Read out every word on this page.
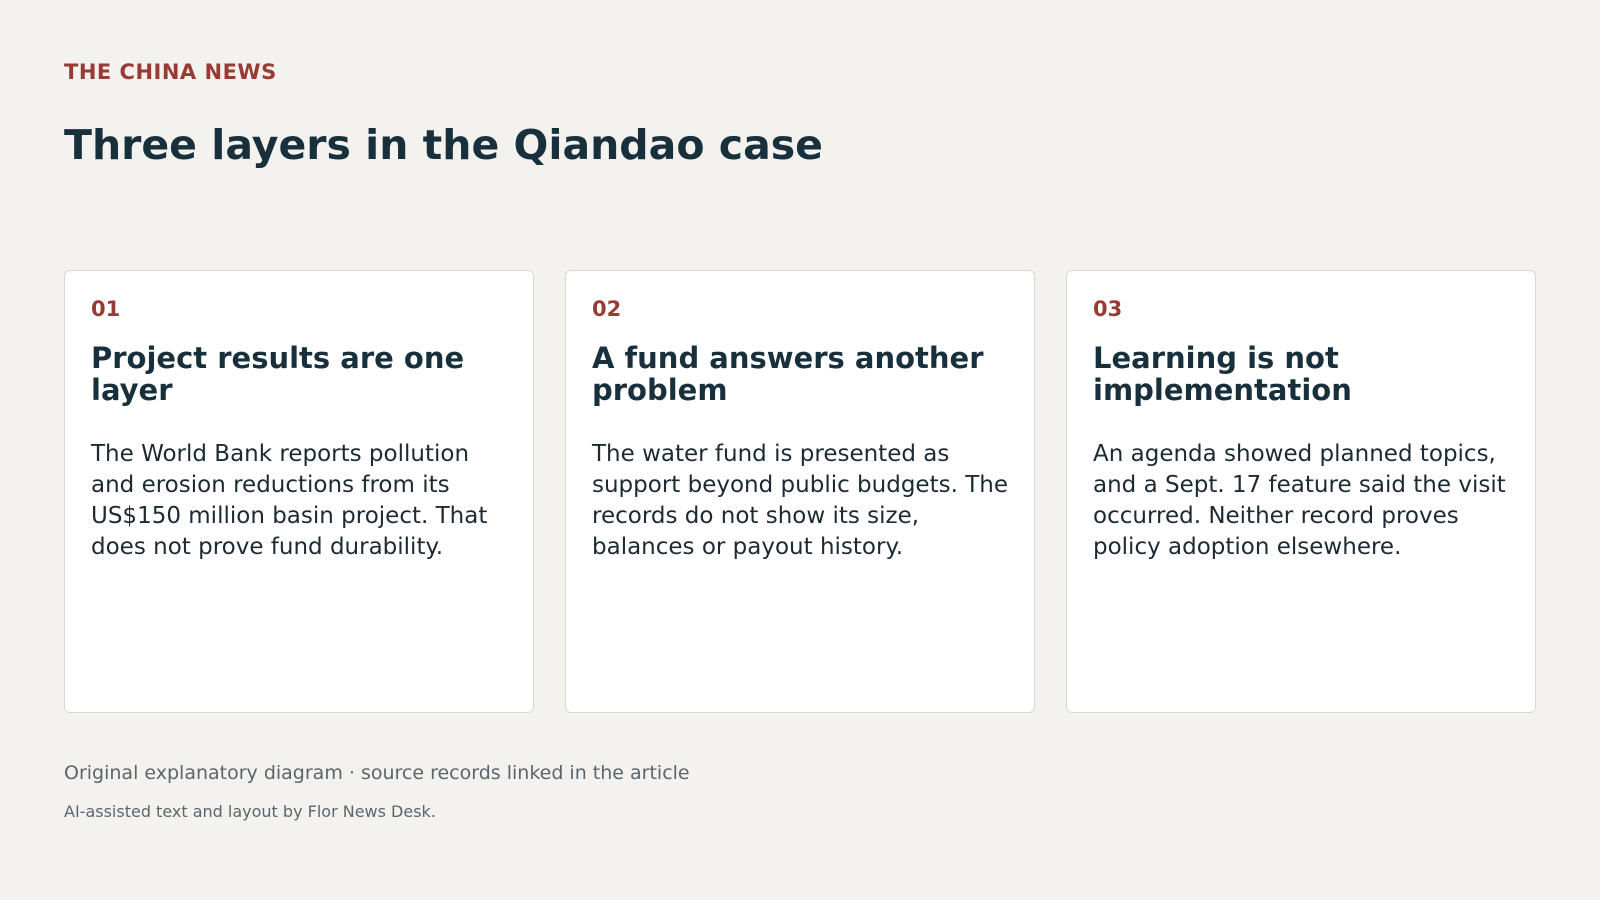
THE CHINA NEWS
Three layers in the Qiandao case
01
Project results are one layer

The World Bank reports pollution and erosion reductions from its US$150 million basin project. That does not prove fund durability.

02
A fund answers another problem

The water fund is presented as support beyond public budgets. The records do not show its size, balances or payout history.

03
Learning is not implementation

An agenda showed planned topics, and a Sept. 17 feature said the visit occurred. Neither record proves policy adoption elsewhere.

Original explanatory diagram · source records linked in the article
AI-assisted text and layout by Flor News Desk.
